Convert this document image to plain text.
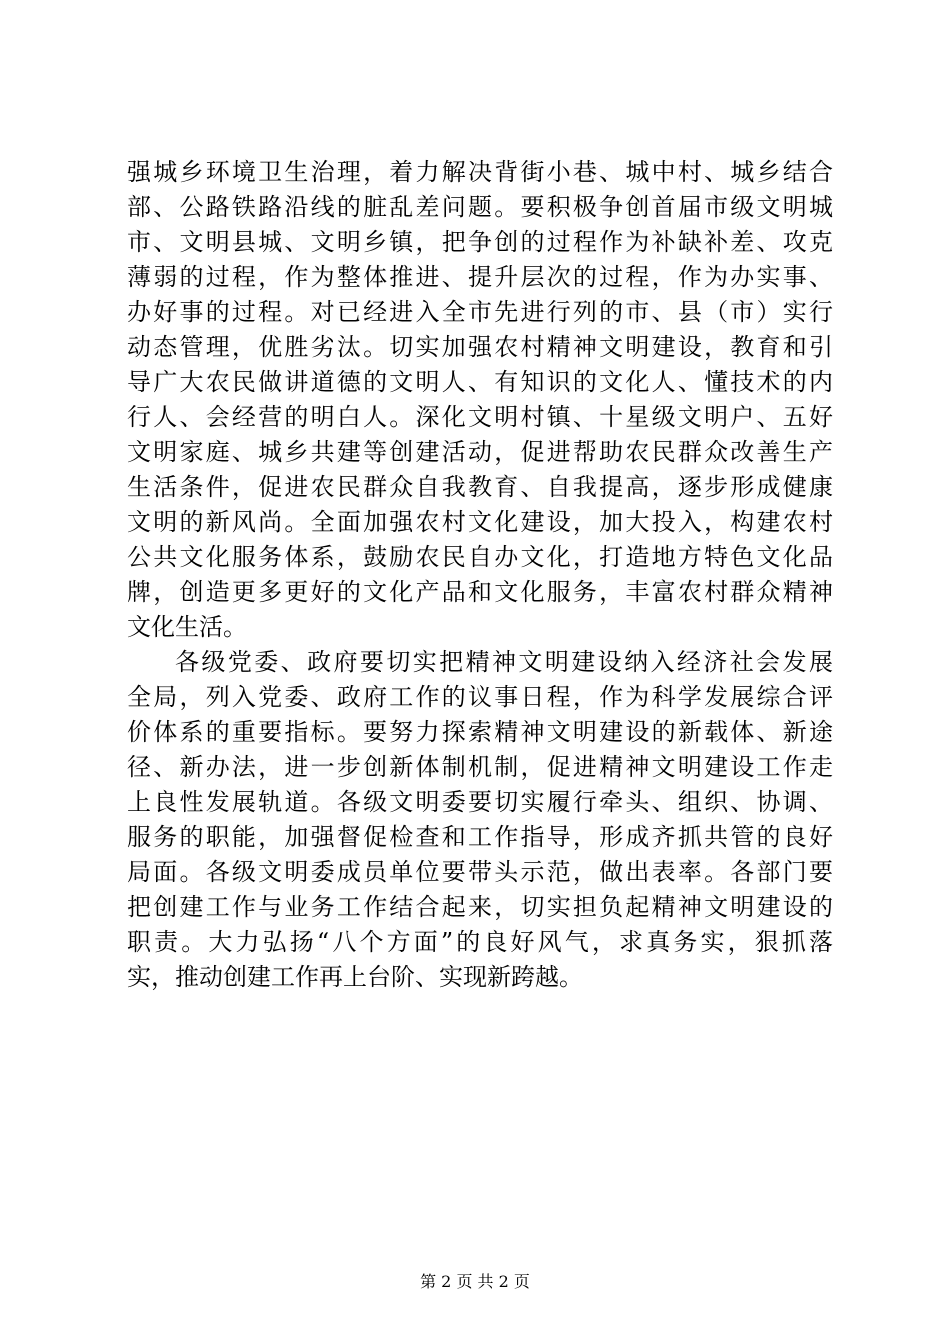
强城乡环境卫生治理，着力解决背街小巷、城中村、城乡结合
部、公路铁路沿线的脏乱差问题。要积极争创首届市级文明城
市、文明县城、文明乡镇，把争创的过程作为补缺补差、攻克
薄弱的过程，作为整体推进、提升层次的过程，作为办实事、
办好事的过程。对已经进入全市先进行列的市、县（市）实行
动态管理，优胜劣汰。切实加强农村精神文明建设，教育和引
导广大农民做讲道德的文明人、有知识的文化人、懂技术的内
行人、会经营的明白人。深化文明村镇、十星级文明户、五好
文明家庭、城乡共建等创建活动，促进帮助农民群众改善生产
生活条件，促进农民群众自我教育、自我提高，逐步形成健康
文明的新风尚。全面加强农村文化建设，加大投入，构建农村
公共文化服务体系，鼓励农民自办文化，打造地方特色文化品
牌，创造更多更好的文化产品和文化服务，丰富农村群众精神
文化生活。
各级党委、政府要切实把精神文明建设纳入经济社会发展
全局，列入党委、政府工作的议事日程，作为科学发展综合评
价体系的重要指标。要努力探索精神文明建设的新载体、新途
径、新办法，进一步创新体制机制，促进精神文明建设工作走
上良性发展轨道。各级文明委要切实履行牵头、组织、协调、
服务的职能，加强督促检查和工作指导，形成齐抓共管的良好
局面。各级文明委成员单位要带头示范，做出表率。各部门要
把创建工作与业务工作结合起来，切实担负起精神文明建设的
职责。大力弘扬“八个方面”的良好风气，求真务实，狠抓落
实，推动创建工作再上台阶、实现新跨越。
第 2 页 共 2 页
